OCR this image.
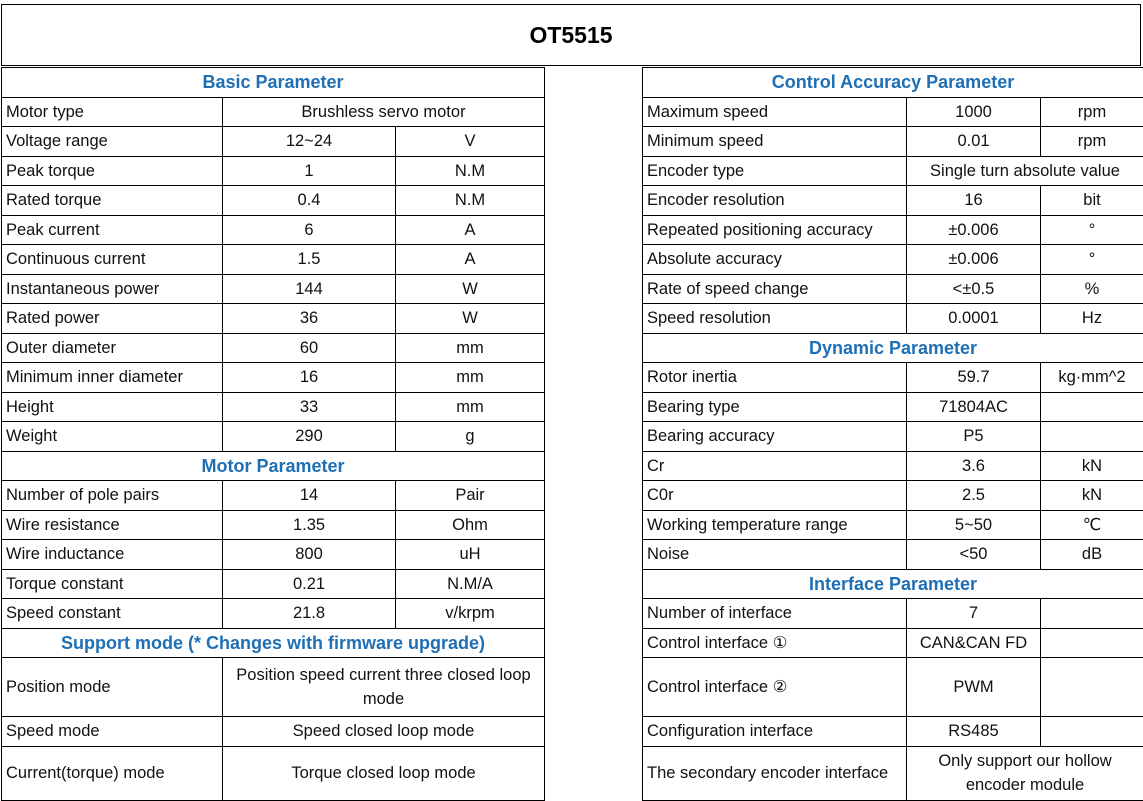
OT5515
Basic Parameter		
Motor type	Brushless servo motor	
Voltage range	12~24	V
Peak torque	1	N.M
Rated torque	0.4	N.M
Peak current	6	A
Continuous current	1.5	A
Instantaneous power	144	W
Rated power	36	W
Outer diameter	60	mm
Minimum inner diameter	16	mm
Height	33	mm
Weight	290	g
Motor Parameter		
Number of pole pairs	14	Pair
Wire resistance	1.35	Ohm
Wire inductance	800	uH
Torque constant	0.21	N.M/A
Speed constant	21.8	v/krpm
Support mode (* Changes with firmware upgrade)		
Position mode	Position speed current three closed loop mode	
Speed mode	Speed closed loop mode	
Current(torque) mode	Torque closed loop mode	
Control Accuracy Parameter		
Maximum speed	1000	rpm
Minimum speed	0.01	rpm
Encoder type	Single turn absolute value	
Encoder resolution	16	bit
Repeated positioning accuracy	±0.006	°
Absolute accuracy	±0.006	°
Rate of speed change	<±0.5	%
Speed resolution	0.0001	Hz
Dynamic Parameter		
Rotor inertia	59.7	kg·mm^2
Bearing type	71804AC	
Bearing accuracy	P5	
Cr	3.6	kN
C0r	2.5	kN
Working temperature range	5~50	℃
Noise	<50	dB
Interface Parameter		
Number of interface	7	
Control interface ①	CAN&CAN FD	
Control interface ②	PWM	
Configuration interface	RS485	
The secondary encoder interface	Only support our hollow encoder module	
